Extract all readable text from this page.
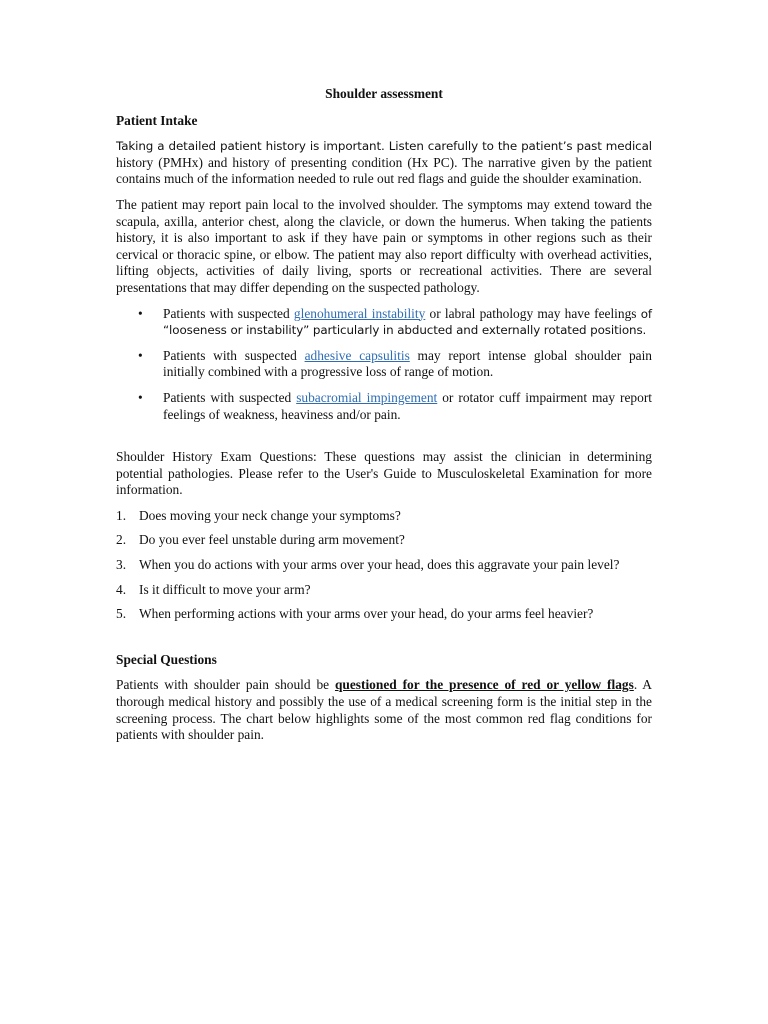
Shoulder assessment
Patient Intake

Taking a detailed patient history is important. Listen carefully to the patient’s past medical history (PMHx) and history of presenting condition (Hx PC). The narrative given by the patient contains much of the information needed to rule out red flags and guide the shoulder examination.

The patient may report pain local to the involved shoulder. The symptoms may extend toward the scapula, axilla, anterior chest, along the clavicle, or down the humerus. When taking the patients history, it is also important to ask if they have pain or symptoms in other regions such as their cervical or thoracic spine, or elbow. The patient may also report difficulty with overhead activities, lifting objects, activities of daily living, sports or recreational activities. There are several presentations that may differ depending on the suspected pathology.

• Patients with suspected glenohumeral instability or labral pathology may have feelings of “looseness or instability” particularly in abducted and externally rotated positions.
• Patients with suspected adhesive capsulitis may report intense global shoulder pain initially combined with a progressive loss of range of motion.
• Patients with suspected subacromial impingement or rotator cuff impairment may report feelings of weakness, heaviness and/or pain.

Shoulder History Exam Questions: These questions may assist the clinician in determining potential pathologies. Please refer to the User's Guide to Musculoskeletal Examination for more information.

1. Does moving your neck change your symptoms?
2. Do you ever feel unstable during arm movement?
3. When you do actions with your arms over your head, does this aggravate your pain level?
4. Is it difficult to move your arm?
5. When performing actions with your arms over your head, do your arms feel heavier?
Special Questions

Patients with shoulder pain should be questioned for the presence of red or yellow flags. A thorough medical history and possibly the use of a medical screening form is the initial step in the screening process. The chart below highlights some of the most common red flag conditions for patients with shoulder pain.
